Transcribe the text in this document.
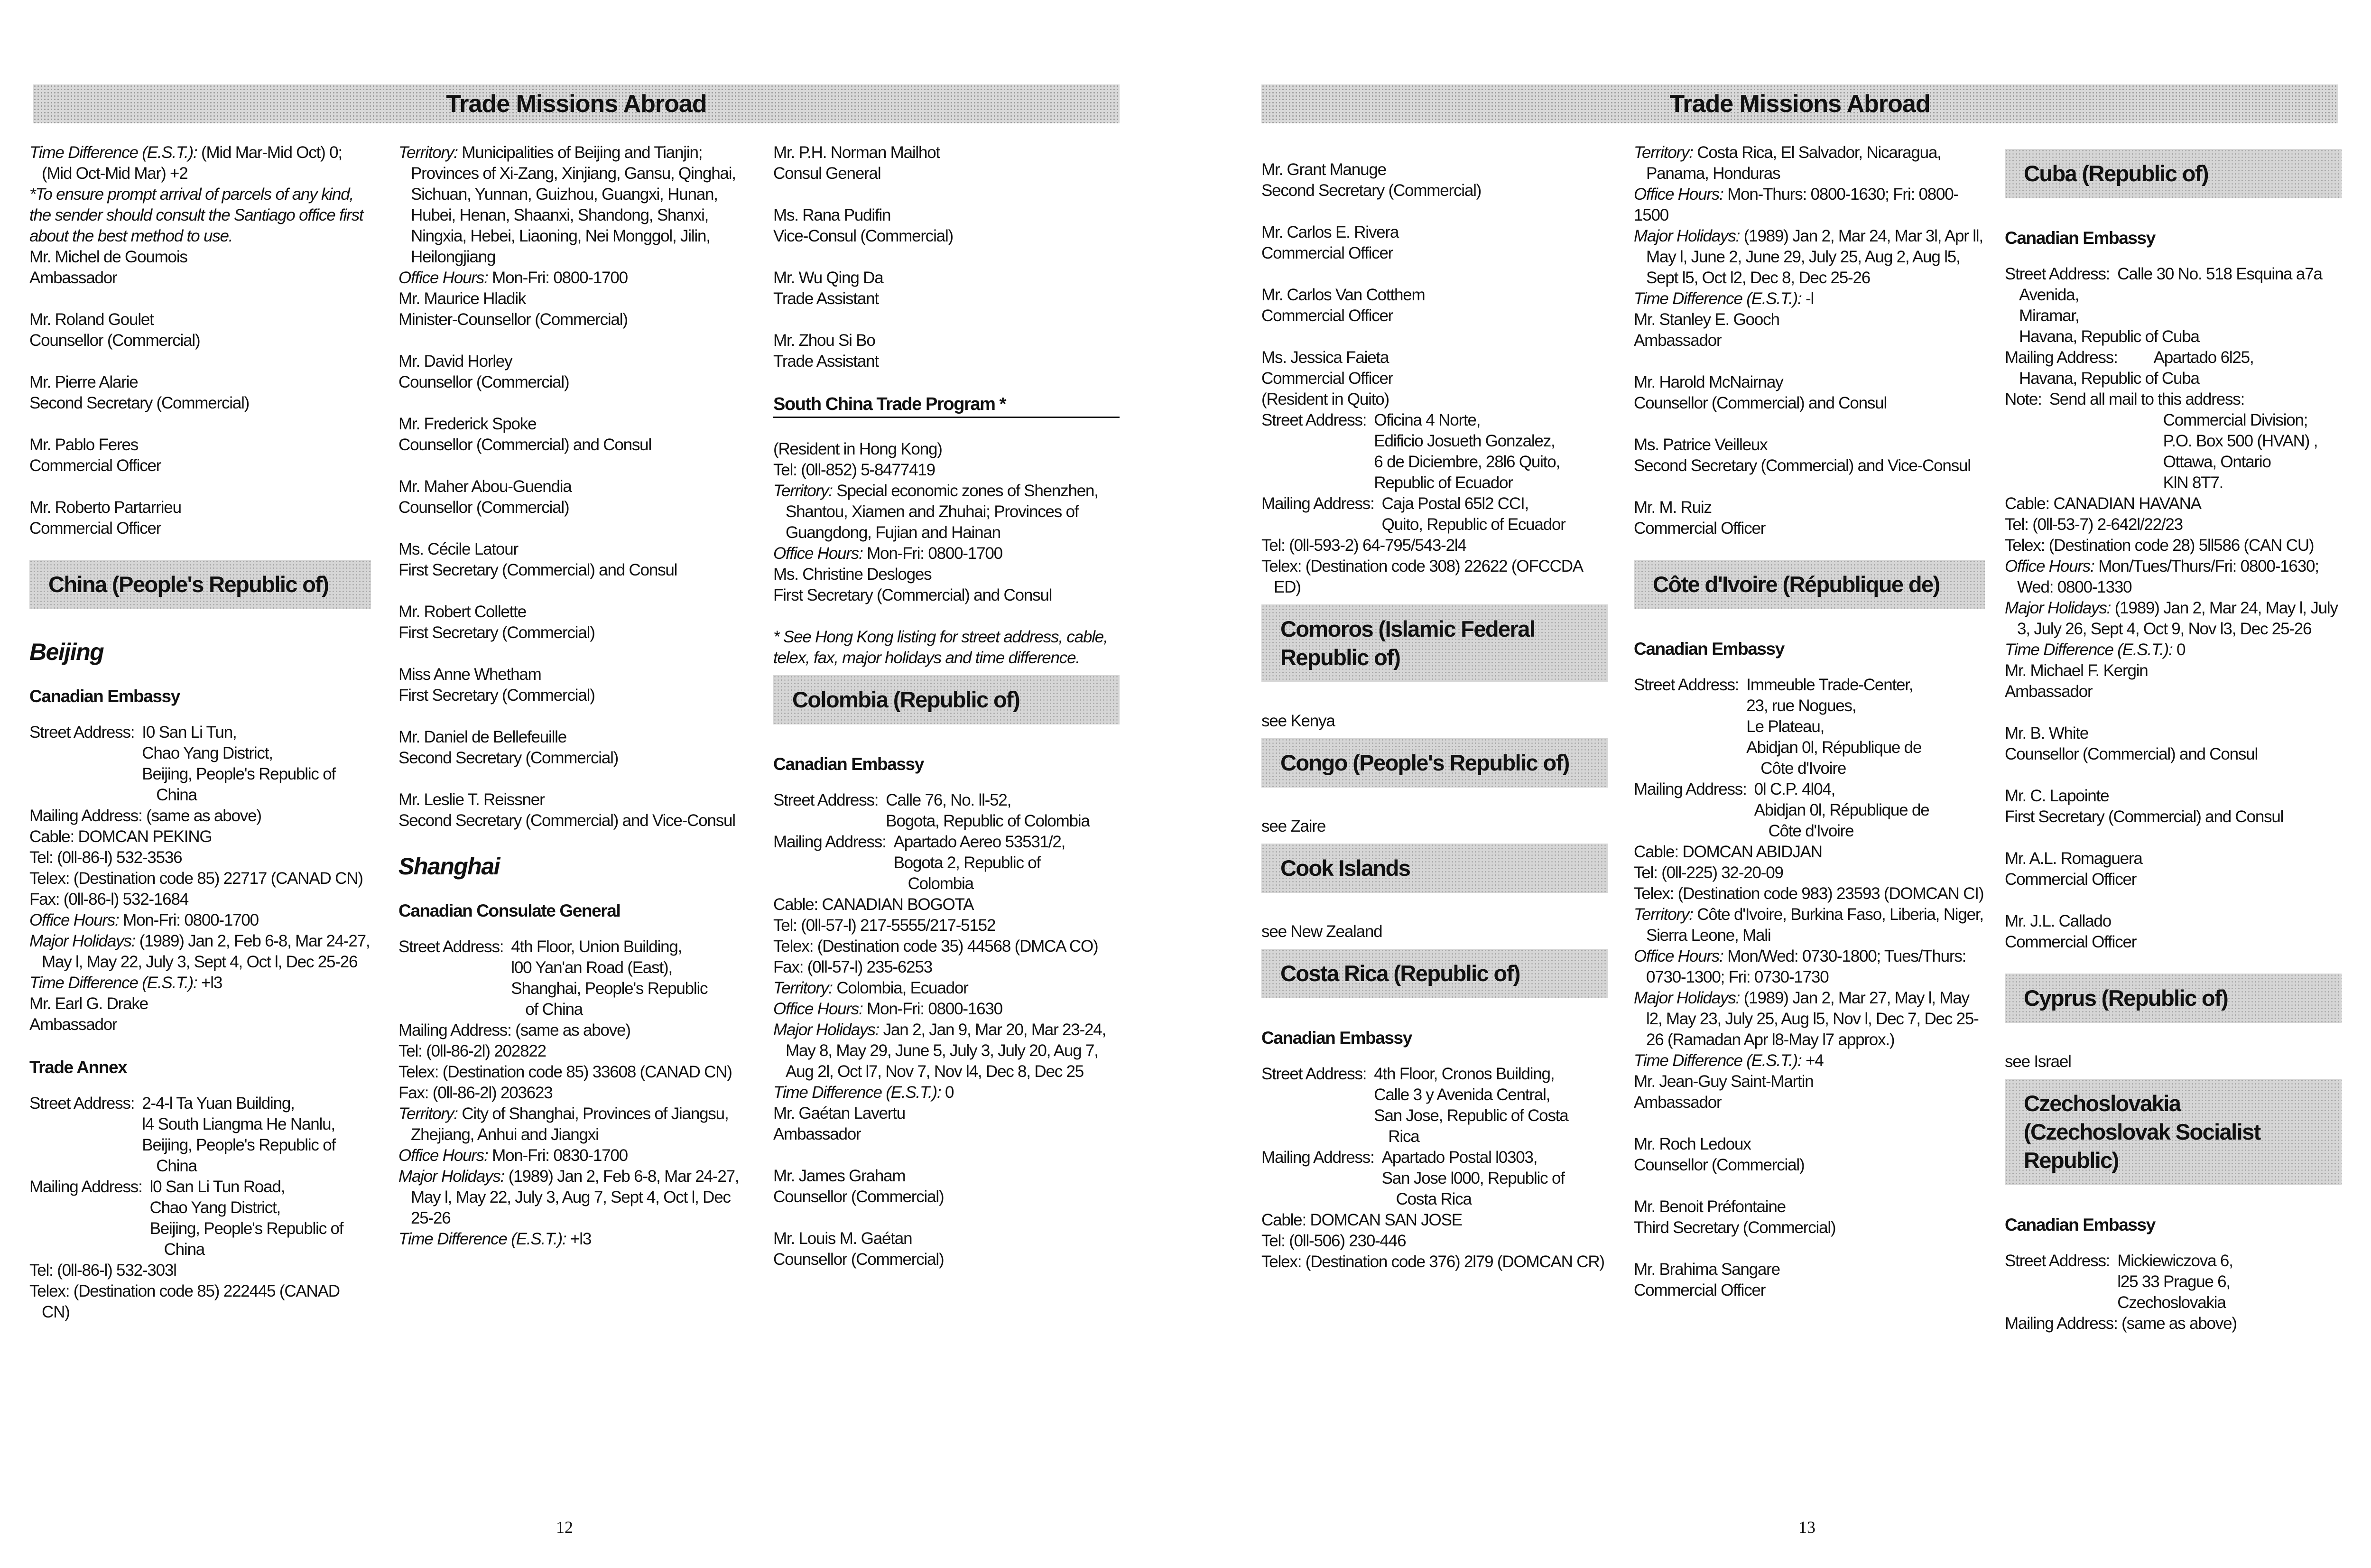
Trade Missions Abroad

Time Difference (E.S.T.): (Mid Mar-Mid Oct) 0;
(Mid Oct-Mid Mar) +2

*To ensure prompt arrival of parcels of any kind, the sender should consult the Santiago office first about the best method to use.

Mr. Michel de Goumois

Ambassador

Mr. Roland Goulet

Counsellor (Commercial)

Mr. Pierre Alarie

Second Secretary (Commercial)

Mr. Pablo Feres

Commercial Officer

Mr. Roberto Partarrieu

Commercial Officer

China (People's Republic of)
Beijing
Canadian Embassy
Street Address: I0 San Li Tun,
Chao Yang District,
Beijing, People's Republic of
China

Mailing Address: (same as above)

Cable: DOMCAN PEKING

Tel: (0ll-86-l) 532-3536

Telex: (Destination code 85) 22717 (CANAD CN)

Fax: (0ll-86-l) 532-1684

Office Hours: Mon-Fri: 0800-1700

Major Holidays: (1989) Jan 2, Feb 6-8, Mar 24-27, May l, May 22, July 3, Sept 4, Oct l, Dec 25-26

Time Difference (E.S.T.): +l3

Mr. Earl G. Drake

Ambassador

Trade Annex
Street Address: 2-4-l Ta Yuan Building,
l4 South Liangma He Nanlu,
Beijing, People's Republic of
China
Mailing Address: l0 San Li Tun Road,
Chao Yang District,
Beijing, People's Republic of
China

Tel: (0ll-86-l) 532-303l

Telex: (Destination code 85) 222445 (CANAD CN)

Territory: Municipalities of Beijing and Tianjin; Provinces of Xi-Zang, Xinjiang, Gansu, Qinghai, Sichuan, Yunnan, Guizhou, Guangxi, Hunan, Hubei, Henan, Shaanxi, Shandong, Shanxi, Ningxia, Hebei, Liaoning, Nei Monggol, Jilin, Heilongjiang

Office Hours: Mon-Fri: 0800-1700

Mr. Maurice Hladik

Minister-Counsellor (Commercial)

Mr. David Horley

Counsellor (Commercial)

Mr. Frederick Spoke

Counsellor (Commercial) and Consul

Mr. Maher Abou-Guendia

Counsellor (Commercial)

Ms. Cécile Latour

First Secretary (Commercial) and Consul

Mr. Robert Collette

First Secretary (Commercial)

Miss Anne Whetham

First Secretary (Commercial)

Mr. Daniel de Bellefeuille

Second Secretary (Commercial)

Mr. Leslie T. Reissner

Second Secretary (Commercial) and Vice-Consul

Shanghai
Canadian Consulate General
Street Address: 4th Floor, Union Building,
l00 Yan'an Road (East),
Shanghai, People's Republic
of China

Mailing Address: (same as above)

Tel: (0ll-86-2l) 202822

Telex: (Destination code 85) 33608 (CANAD CN)

Fax: (0ll-86-2l) 203623

Territory: City of Shanghai, Provinces of Jiangsu, Zhejiang, Anhui and Jiangxi

Office Hours: Mon-Fri: 0830-1700

Major Holidays: (1989) Jan 2, Feb 6-8, Mar 24-27, May l, May 22, July 3, Aug 7, Sept 4, Oct l, Dec 25-26

Time Difference (E.S.T.): +l3

Mr. P.H. Norman Mailhot

Consul General

Ms. Rana Pudifin

Vice-Consul (Commercial)

Mr. Wu Qing Da

Trade Assistant

Mr. Zhou Si Bo

Trade Assistant

South China Trade Program *

(Resident in Hong Kong)

Tel: (0ll-852) 5-8477419

Territory: Special economic zones of Shenzhen, Shantou, Xiamen and Zhuhai; Provinces of Guangdong, Fujian and Hainan

Office Hours: Mon-Fri: 0800-1700

Ms. Christine Desloges

First Secretary (Commercial) and Consul

* See Hong Kong listing for street address, cable, telex, fax, major holidays and time difference.

Colombia (Republic of)
Canadian Embassy
Street Address: Calle 76, No. ll-52,
Bogota, Republic of Colombia
Mailing Address: Apartado Aereo 53531/2,
Bogota 2, Republic of
Colombia

Cable: CANADIAN BOGOTA

Tel: (0ll-57-l) 217-5555/217-5152

Telex: (Destination code 35) 44568 (DMCA CO)

Fax: (0ll-57-l) 235-6253

Territory: Colombia, Ecuador

Office Hours: Mon-Fri: 0800-1630

Major Holidays: Jan 2, Jan 9, Mar 20, Mar 23-24, May 8, May 29, June 5, July 3, July 20, Aug 7, Aug 2l, Oct l7, Nov 7, Nov l4, Dec 8, Dec 25

Time Difference (E.S.T.): 0

Mr. Gaétan Lavertu

Ambassador

Mr. James Graham

Counsellor (Commercial)

Mr. Louis M. Gaétan

Counsellor (Commercial)

12
Trade Missions Abroad

Mr. Grant Manuge

Second Secretary (Commercial)

Mr. Carlos E. Rivera

Commercial Officer

Mr. Carlos Van Cotthem

Commercial Officer

Ms. Jessica Faieta

Commercial Officer

(Resident in Quito)

Street Address: Oficina 4 Norte,
Edificio Josueth Gonzalez,
6 de Diciembre, 28l6 Quito,
Republic of Ecuador
Mailing Address: Caja Postal 65l2 CCI,
Quito, Republic of Ecuador

Tel: (0ll-593-2) 64-795/543-2l4

Telex: (Destination code 308) 22622 (OFCCDA ED)

Comoros (Islamic Federal Republic of)

see Kenya

Congo (People's Republic of)

see Zaire

Cook Islands

see New Zealand

Costa Rica (Republic of)
Canadian Embassy
Street Address: 4th Floor, Cronos Building,
Calle 3 y Avenida Central,
San Jose, Republic of Costa
Rica
Mailing Address: Apartado Postal l0303,
San Jose l000, Republic of
Costa Rica

Cable: DOMCAN SAN JOSE

Tel: (0ll-506) 230-446

Telex: (Destination code 376) 2l79 (DOMCAN CR)

Territory: Costa Rica, El Salvador, Nicaragua, Panama, Honduras

Office Hours: Mon-Thurs: 0800-1630; Fri: 0800-1500

Major Holidays: (1989) Jan 2, Mar 24, Mar 3l, Apr ll, May l, June 2, June 29, July 25, Aug 2, Aug l5, Sept l5, Oct l2, Dec 8, Dec 25-26

Time Difference (E.S.T.): -l

Mr. Stanley E. Gooch

Ambassador

Mr. Harold McNairnay

Counsellor (Commercial) and Consul

Ms. Patrice Veilleux

Second Secretary (Commercial) and Vice-Consul

Mr. M. Ruiz

Commercial Officer

Côte d'Ivoire (République de)
Canadian Embassy
Street Address: Immeuble Trade-Center,
23, rue Nogues,
Le Plateau,
Abidjan 0l, République de
Côte d'Ivoire
Mailing Address: 0l C.P. 4l04,
Abidjan 0l, République de
Côte d'Ivoire

Cable: DOMCAN ABIDJAN

Tel: (0ll-225) 32-20-09

Telex: (Destination code 983) 23593 (DOMCAN CI)

Territory: Côte d'Ivoire, Burkina Faso, Liberia, Niger, Sierra Leone, Mali

Office Hours: Mon/Wed: 0730-1800; Tues/Thurs: 0730-1300; Fri: 0730-1730

Major Holidays: (1989) Jan 2, Mar 27, May l, May l2, May 23, July 25, Aug l5, Nov l, Dec 7, Dec 25-26 (Ramadan Apr l8-May l7 approx.)

Time Difference (E.S.T.): +4

Mr. Jean-Guy Saint-Martin

Ambassador

Mr. Roch Ledoux

Counsellor (Commercial)

Mr. Benoit Préfontaine

Third Secretary (Commercial)

Mr. Brahima Sangare

Commercial Officer

Cuba (Republic of)
Canadian Embassy
Street Address: Calle 30 No. 518 Esquina a7a

Avenida,

Miramar,

Havana, Republic of Cuba

Mailing Address: Apartado 6l25,

Havana, Republic of Cuba

Note: Send all mail to this address:
Commercial Division;
P.O. Box 500 (HVAN) ,
Ottawa, Ontario
KlN 8T7.

Cable: CANADIAN HAVANA

Tel: (0ll-53-7) 2-642l/22/23

Telex: (Destination code 28) 5ll586 (CAN CU)

Office Hours: Mon/Tues/Thurs/Fri: 0800-1630; Wed: 0800-1330

Major Holidays: (1989) Jan 2, Mar 24, May l, July 3, July 26, Sept 4, Oct 9, Nov l3, Dec 25-26

Time Difference (E.S.T.): 0

Mr. Michael F. Kergin

Ambassador

Mr. B. White

Counsellor (Commercial) and Consul

Mr. C. Lapointe

First Secretary (Commercial) and Consul

Mr. A.L. Romaguera

Commercial Officer

Mr. J.L. Callado

Commercial Officer

Cyprus (Republic of)

see Israel

Czechoslovakia (Czechoslovak Socialist Republic)
Canadian Embassy
Street Address: Mickiewiczova 6,
l25 33 Prague 6,
Czechoslovakia

Mailing Address: (same as above)

13
